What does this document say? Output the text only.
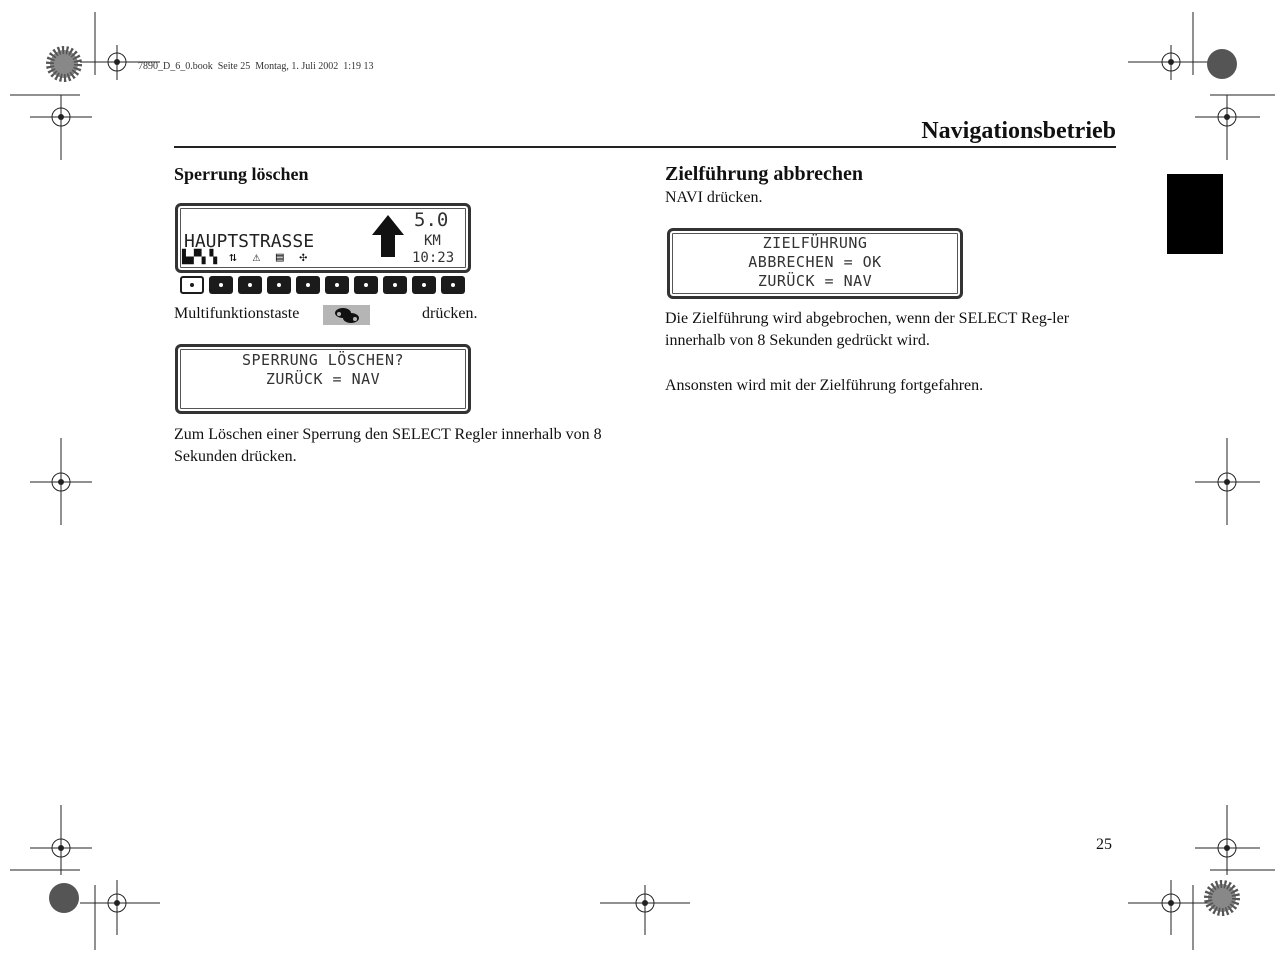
7890_D_6_0.book  Seite 25  Montag, 1. Juli 2002  1:19 13
Navigationsbetrieb
Sperrung löschen
HAUPTSTRASSE
▙▞▚▝▖ ⇅  ⚠  ▤  ✣
5.0
KM
10:23
Multifunktionstaste	drücken.
SPERRUNG LÖSCHEN?
ZURÜCK = NAV
Zum Löschen einer Sperrung den SELECT Regler innerhalb von 8 Sekunden drücken.
Zielführung abbrechen
NAVI drücken.
ZIELFÜHRUNG
ABBRECHEN = OK
ZURÜCK = NAV
Die Zielführung wird abgebrochen, wenn der SELECT Reg-ler innerhalb von 8 Sekunden gedrückt wird.
Ansonsten wird mit der Zielführung fortgefahren.
25
